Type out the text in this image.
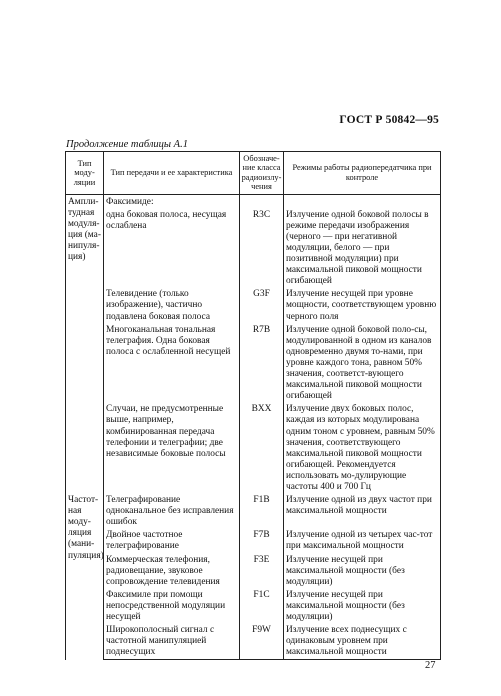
ГОСТ Р 50842—95
Продолжение таблицы А.1
Тип моду-ляции	Тип передачи и ее характеристика	Обозначе-ние класса радиоизлу-чения	Режимы работы радиопередатчика при контроле
Ампли-тудная модуля-ция (ма-нипуля-ция)	Факсимиде:		
	одна боковая полоса, несущая ослаблена	R3C	Излучение одной боковой полосы в режиме передачи изображения (черного — при негативной модуляции, белого — при позитивной модуляции) при максимальной пиковой мощности огибающей
	Телевидение (только изображение), частично подавлена боковая полоса	G3F	Излучение несущей при уровне мощности, соответствующем уровню черного поля
	Многоканальная тональная телеграфия. Одна боковая полоса с ослабленной несущей	R7B	Излучение одной боковой поло-сы, модулированной в одном из каналов одновременно двумя то-нами, при уровне каждого тона, равном 50% значения, соответст-вующего максимальной пиковой мощности огибающей
	Случаи, не предусмотренные выше, например, комбинированная передача телефонии и телеграфии; две независимые боковые полосы	BXX	Излучение двух боковых полос, каждая из которых модулирована одним тоном с уровнем, равным 50% значения, соответствующего максимальной пиковой мощности огибающей. Рекомендуется использовать мо-дулирующие частоты 400 и 700 Гц
Частот-ная моду-ляция (мани-пуляция)	Телеграфирование одноканальное без исправления ошибок	F1B	Излучение одной из двух частот при максимальной мощности
	Двойное частотное телеграфирование	F7B	Излучение одной из четырех час-тот при максимальной мощности
	Коммерческая телефония, радиовещание, звуковое сопровождение телевидения	F3E	Излучение несущей при максимальной мощности (без модуляции)
	Факсимиле при помощи непосредственной модуляции несущей	F1C	Излучение несущей при максимальной мощности (без модуляции)
	Широкополосный сигнал с частотной манипуляцией поднесущих	F9W	Излучение всех поднесущих с одинаковым уровнем при максимальной мощности
27
